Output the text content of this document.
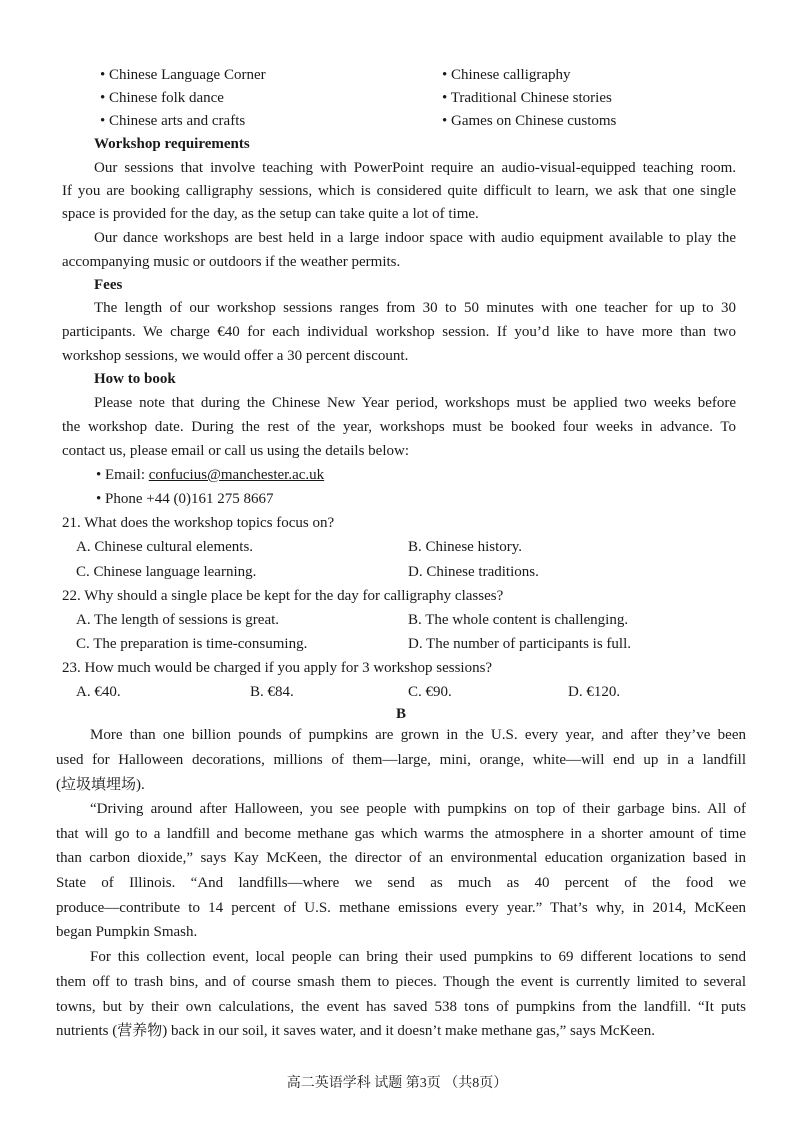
• Chinese Language Corner
• Chinese folk dance
• Chinese arts and crafts
• Chinese calligraphy
• Traditional Chinese stories
• Games on Chinese customs
Workshop requirements
Our sessions that involve teaching with PowerPoint require an audio-visual-equipped teaching room.
If you are booking calligraphy sessions, which is considered quite difficult to learn, we ask that one single
space is provided for the day, as the setup can take quite a lot of time.
Our dance workshops are best held in a large indoor space with audio equipment available to play the
accompanying music or outdoors if the weather permits.
Fees
The length of our workshop sessions ranges from 30 to 50 minutes with one teacher for up to 30
participants. We charge €40 for each individual workshop session. If you’d like to have more than two
workshop sessions, we would offer a 30 percent discount.
How to book
Please note that during the Chinese New Year period, workshops must be applied two weeks before
the workshop date. During the rest of the year, workshops must be booked four weeks in advance. To
contact us, please email or call us using the details below:
• Email: confucius@manchester.ac.uk
• Phone +44 (0)161 275 8667
21. What does the workshop topics focus on?
A. Chinese cultural elements.	B. Chinese history.
C. Chinese language learning.	D. Chinese traditions.
22. Why should a single place be kept for the day for calligraphy classes?
A. The length of sessions is great.	B. The whole content is challenging.
C. The preparation is time-consuming.	D. The number of participants is full.
23. How much would be charged if you apply for 3 workshop sessions?
A. €40.	B. €84.	C. €90.	D. €120.
B
More than one billion pounds of pumpkins are grown in the U.S. every year, and after they’ve been
used for Halloween decorations, millions of them—large, mini, orange, white—will end up in a landfill
(垃圾填埋场).
“Driving around after Halloween, you see people with pumpkins on top of their garbage bins. All of
that will go to a landfill and become methane gas which warms the atmosphere in a shorter amount of time
than carbon dioxide,” says Kay McKeen, the director of an environmental education organization based in
State  of  Illinois.  “And  landfills—where  we  send  as  much  as  40  percent  of  the  food  we
produce—contribute to 14 percent of U.S. methane emissions every year.” That’s why, in 2014, McKeen
began Pumpkin Smash.
For this collection event, local people can bring their used pumpkins to 69 different locations to send
them off to trash bins, and of course smash them to pieces. Though the event is currently limited to several
towns, but by their own calculations, the event has saved 538 tons of pumpkins from the landfill. “It puts
nutrients (营养物) back in our soil, it saves water, and it doesn’t make methane gas,” says McKeen.
高二英语学科 试题 第3页 （共8页）
